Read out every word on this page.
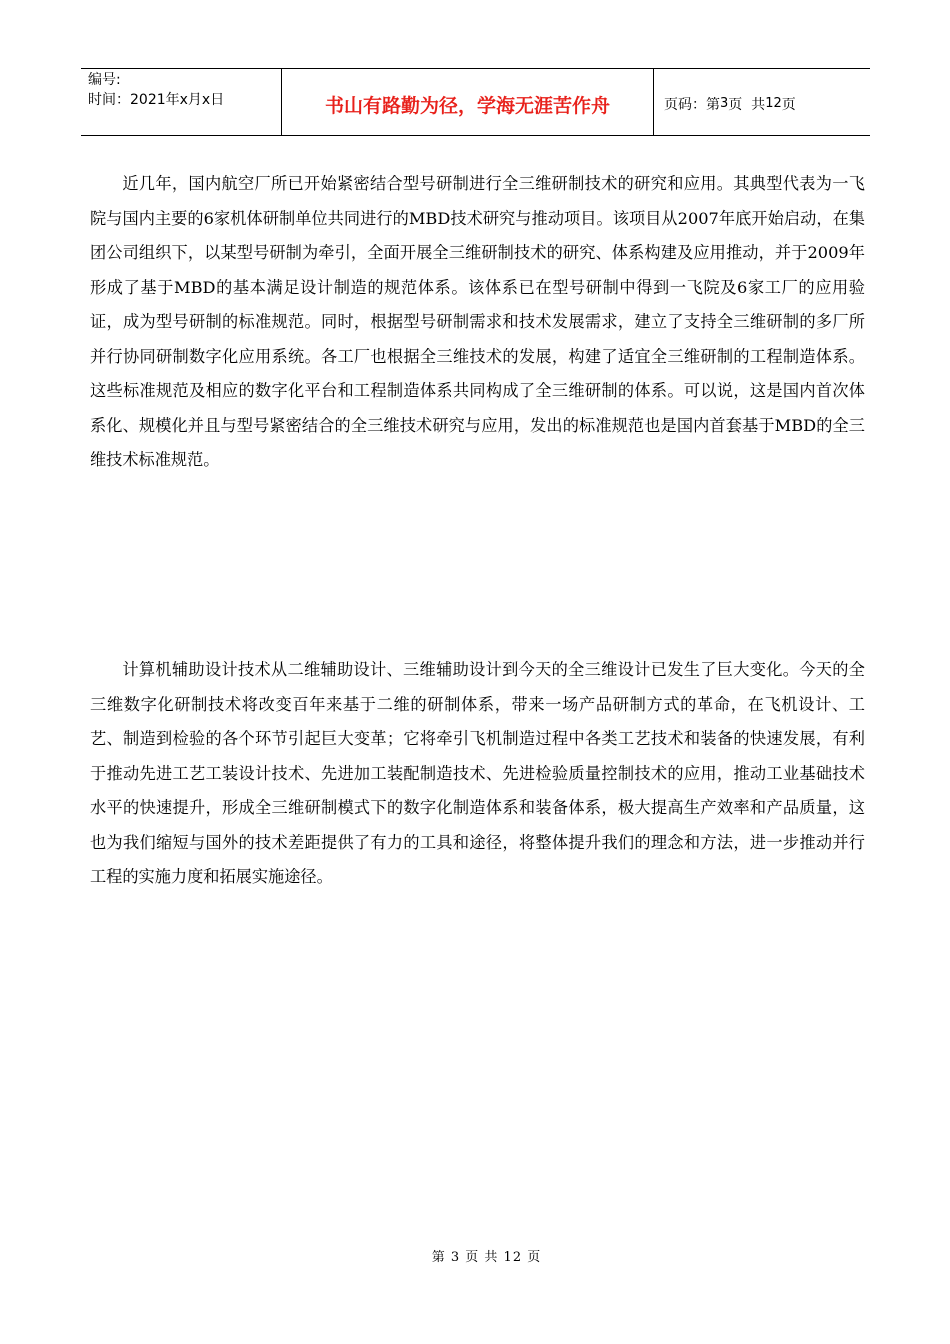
编号:
时间：2021年x月x日	书山有路勤为径，学海无涯苦作舟	页码：第 3 页  共 12 页

近几年，国内航空厂所已开始紧密结合型号研制进行全三维研制技术的研究和应用。其典型代表为一飞院与国内主要的6家机体研制单位共同进行的MBD技术研究与推动项目。该项目从2007年底开始启动，在集团公司组织下，以某型号研制为牵引，全面开展全三维研制技术的研究、体系构建及应用推动，并于2009年形成了基于MBD的基本满足设计制造的规范体系。该体系已在型号研制中得到一飞院及6家工厂的应用验证，成为型号研制的标准规范。同时，根据型号研制需求和技术发展需求，建立了支持全三维研制的多厂所并行协同研制数字化应用系统。各工厂也根据全三维技术的发展，构建了适宜全三维研制的工程制造体系。这些标准规范及相应的数字化平台和工程制造体系共同构成了全三维研制的体系。可以说，这是国内首次体系化、规模化并且与型号紧密结合的全三维技术研究与应用，发出的标准规范也是国内首套基于MBD的全三维技术标准规范。

计算机辅助设计技术从二维辅助设计、三维辅助设计到今天的全三维设计已发生了巨大变化。今天的全三维数字化研制技术将改变百年来基于二维的研制体系，带来一场产品研制方式的革命，在飞机设计、工艺、制造到检验的各个环节引起巨大变革；它将牵引飞机制造过程中各类工艺技术和装备的快速发展，有利于推动先进工艺工装设计技术、先进加工装配制造技术、先进检验质量控制技术的应用，推动工业基础技术水平的快速提升，形成全三维研制模式下的数字化制造体系和装备体系，极大提高生产效率和产品质量，这也为我们缩短与国外的技术差距提供了有力的工具和途径，将整体提升我们的理念和方法，进一步推动并行工程的实施力度和拓展实施途径。

第 3 页 共 12 页
